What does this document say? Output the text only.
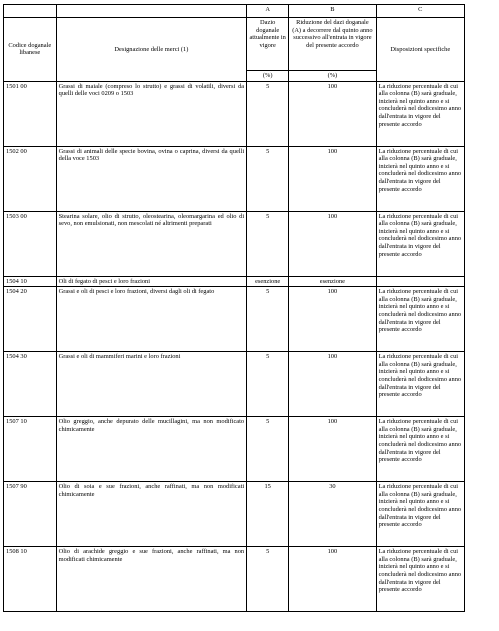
		A	B	C
Codice doganale libanese	Designazione delle merci (1)	Dazio doganale attualmente in vigore	Riduzione del dazi doganale (A) a decorrere dal quinto anno successivo all'entrata in vigore del presente accordo	Disposizioni specifiche
		(%)	(%)	
1501 00	Grassi di maiale (compreso lo strutto) e grassi di volatili, diversi da quelli delle voci 0209 o 1503	5	100	La riduzione percentuale di cui alla colonna (B) sarà graduale, inizierà nel quinto anno e si concluderà nel dodicesimo anno dall'entrata in vigore del presente accordo
1502 00	Grassi di animali delle specie bovina, ovina o caprina, diversi da quelli della voce 1503	5	100	La riduzione percentuale di cui alla colonna (B) sarà graduale, inizierà nel quinto anno e si concluderà nel dodicesimo anno dall'entrata in vigore del presente accordo
1503 00	Stearina solare, olio di strutto, oleostearina, oleomargarina ed olio di sevo, non emulsionati, non mescolati né altrimenti preparati	5	100	La riduzione percentuale di cui alla colonna (B) sarà graduale, inizierà nel quinto anno e si concluderà nel dodicesimo anno dall'entrata in vigore del presente accordo
1504 10	Oli di fegato di pesci e loro frazioni	esenzione	esenzione	
1504 20	Grassi e oli di pesci e loro frazioni, diversi dagli oli di fegato	5	100	La riduzione percentuale di cui alla colonna (B) sarà graduale, inizierà nel quinto anno e si concluderà nel dodicesimo anno dall'entrata in vigore del presente accordo
1504 30	Grassi e oli di mammiferi marini e loro frazioni	5	100	La riduzione percentuale di cui alla colonna (B) sarà graduale, inizierà nel quinto anno e si concluderà nel dodicesimo anno dall'entrata in vigore del presente accordo
1507 10	Olio greggio, anche depurato delle mucillagini, ma non modificato chimicamente	5	100	La riduzione percentuale di cui alla colonna (B) sarà graduale, inizierà nel quinto anno e si concluderà nel dodicesimo anno dall'entrata in vigore del presente accordo
1507 90	Olio di soia e sue frazioni, anche raffinati, ma non modificati chimicamente	15	30	La riduzione percentuale di cui alla colonna (B) sarà graduale, inizierà nel quinto anno e si concluderà nel dodicesimo anno dall'entrata in vigore del presente accordo
1508 10	Olio di arachide greggio e sue frazioni, anche raffinati, ma non modificati chimicamente	5	100	La riduzione percentuale di cui alla colonna (B) sarà graduale, inizierà nel quinto anno e si concluderà nel dodicesimo anno dall'entrata in vigore del presente accordo
